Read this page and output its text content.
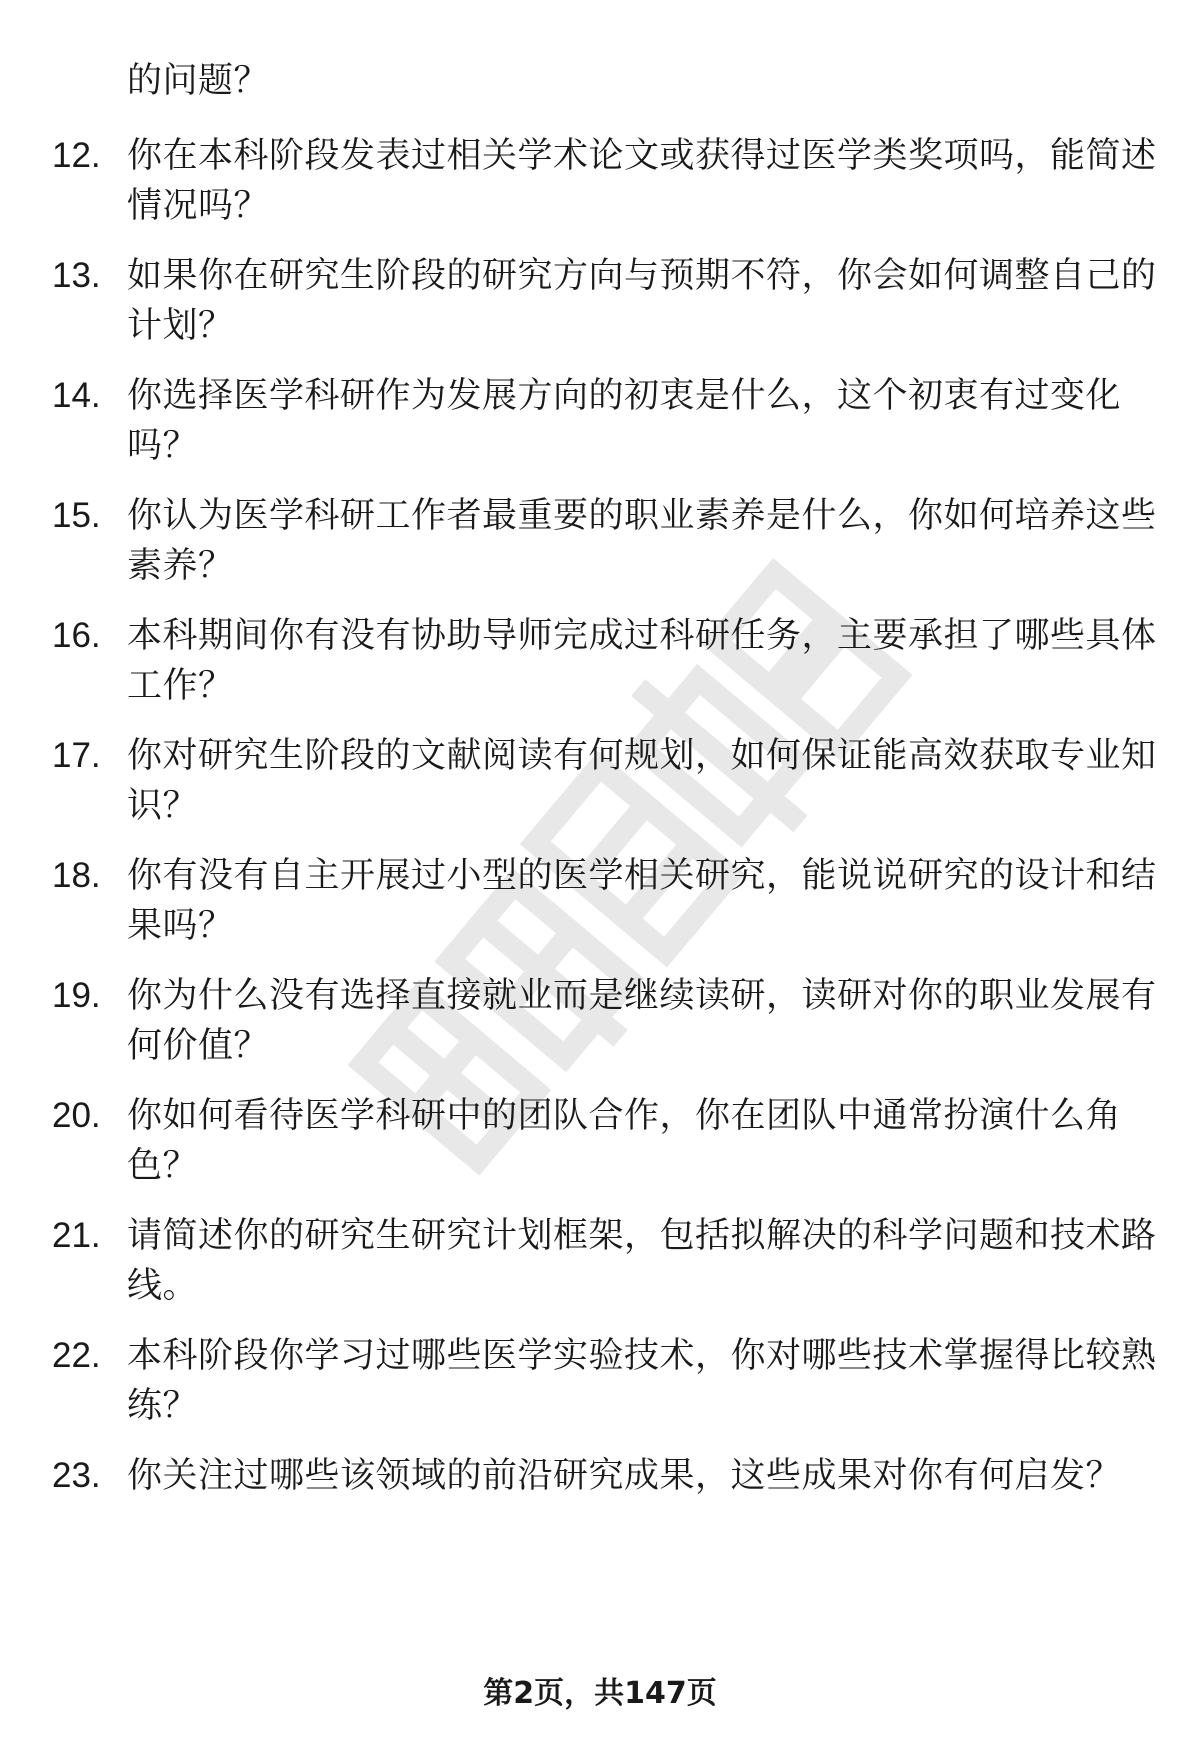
的问题？
12. 你在本科阶段发表过相关学术论文或获得过医学类奖项吗，能简述情况吗？
13. 如果你在研究生阶段的研究方向与预期不符，你会如何调整自己的计划？
14. 你选择医学科研作为发展方向的初衷是什么，这个初衷有过变化吗？
15. 你认为医学科研工作者最重要的职业素养是什么，你如何培养这些素养？
16. 本科期间你有没有协助导师完成过科研任务，主要承担了哪些具体工作？
17. 你对研究生阶段的文献阅读有何规划，如何保证能高效获取专业知识？
18. 你有没有自主开展过小型的医学相关研究，能说说研究的设计和结果吗？
19. 你为什么没有选择直接就业而是继续读研，读研对你的职业发展有何价值？
20. 你如何看待医学科研中的团队合作，你在团队中通常扮演什么角色？
21. 请简述你的研究生研究计划框架，包括拟解决的科学问题和技术路线。
22. 本科阶段你学习过哪些医学实验技术，你对哪些技术掌握得比较熟练？
23. 你关注过哪些该领域的前沿研究成果，这些成果对你有何启发？
第2页，共147页
